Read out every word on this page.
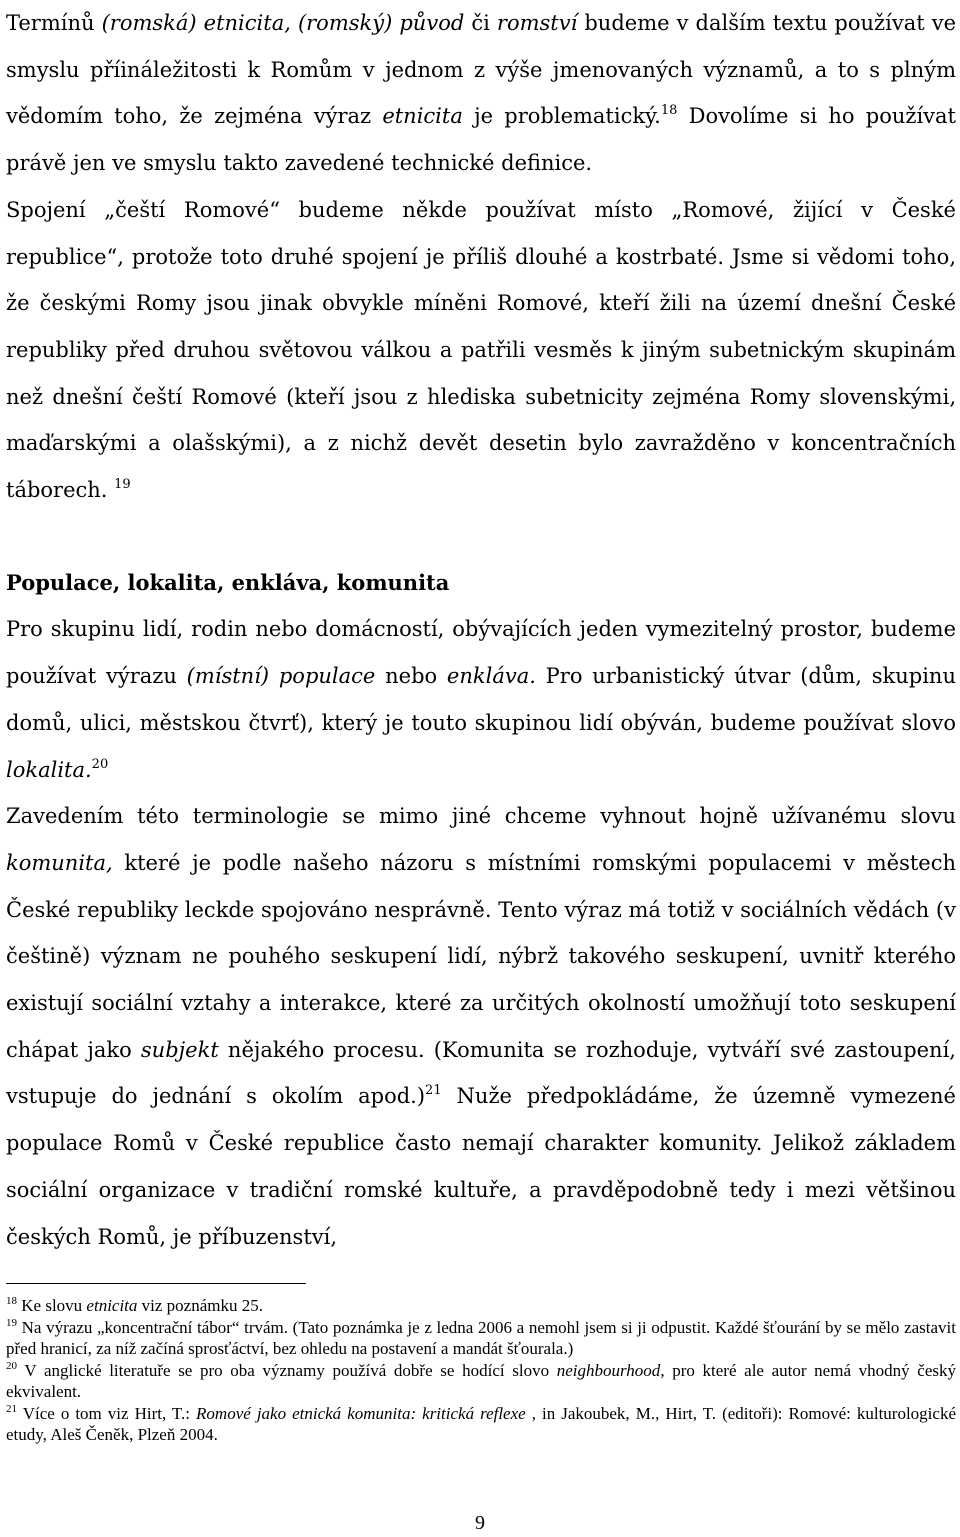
Termínů (romská) etnicita, (romský) původ či romství budeme v dalším textu používat ve smyslu příináležitosti k Romům v jednom z výše jmenovaných významů, a to s plným vědomím toho, že zejména výraz etnicita je problematický.$^{18}$ Dovolíme si ho používat právě jen ve smyslu takto zavedené technické definice.

Spojení „čeští Romové“ budeme někde používat místo „Romové, žijící v České republice“, protože toto druhé spojení je příliš dlouhé a kostrbaté. Jsme si vědomi toho, že českými Romy jsou jinak obvykle míněni Romové, kteří žili na území dnešní České republiky před druhou světovou válkou a patřili vesměs k jiným subetnickým skupinám než dnešní čeští Romové (kteří jsou z hlediska subetnicity zejména Romy slovenskými, maďarskými a olašskými), a z nichž devět desetin bylo zavražděno v koncentračních táborech. $^{19}$

Populace, lokalita, enkláva, komunita

Pro skupinu lidí, rodin nebo domácností, obývajících jeden vymezitelný prostor, budeme používat výrazu (místní) populace nebo enkláva. Pro urbanistický útvar (dům, skupinu domů, ulici, městskou čtvrť), který je touto skupinou lidí obýván, budeme používat slovo lokalita.$^{20}$

Zavedením této terminologie se mimo jiné chceme vyhnout hojně užívanému slovu komunita, které je podle našeho názoru s místními romskými populacemi v městech České republiky leckde spojováno nesprávně. Tento výraz má totiž v sociálních vědách (v češtině) význam ne pouhého seskupení lidí, nýbrž takového seskupení, uvnitř kterého existují sociální vztahy a interakce, které za určitých okolností umožňují toto seskupení chápat jako subjekt nějakého procesu. (Komunita se rozhoduje, vytváří své zastoupení, vstupuje do jednání s okolím apod.)$^{21}$ Nuže předpokládáme, že územně vymezené populace Romů v České republice často nemají charakter komunity. Jelikož základem sociální organizace v tradiční romské kultuře, a pravděpodobně tedy i mezi většinou českých Romů, je příbuzenství,

$^{18}$ Ke slovu etnicita viz poznámku 25.

$^{19}$ Na výrazu „koncentrační tábor“ trvám. (Tato poznámka je z ledna 2006 a nemohl jsem si ji odpustit. Každé šťourání by se mělo zastavit před hranicí, za níž začíná sprosťáctví, bez ohledu na postavení a mandát šťourala.)

$^{20}$ V anglické literatuře se pro oba významy používá dobře se hodící slovo neighbourhood, pro které ale autor nemá vhodný český ekvivalent.

$^{21}$ Více o tom viz Hirt, T.: Romové jako etnická komunita: kritická reflexe , in Jakoubek, M., Hirt, T. (editoři): Romové: kulturologické etudy, Aleš Čeněk, Plzeň 2004.

9
